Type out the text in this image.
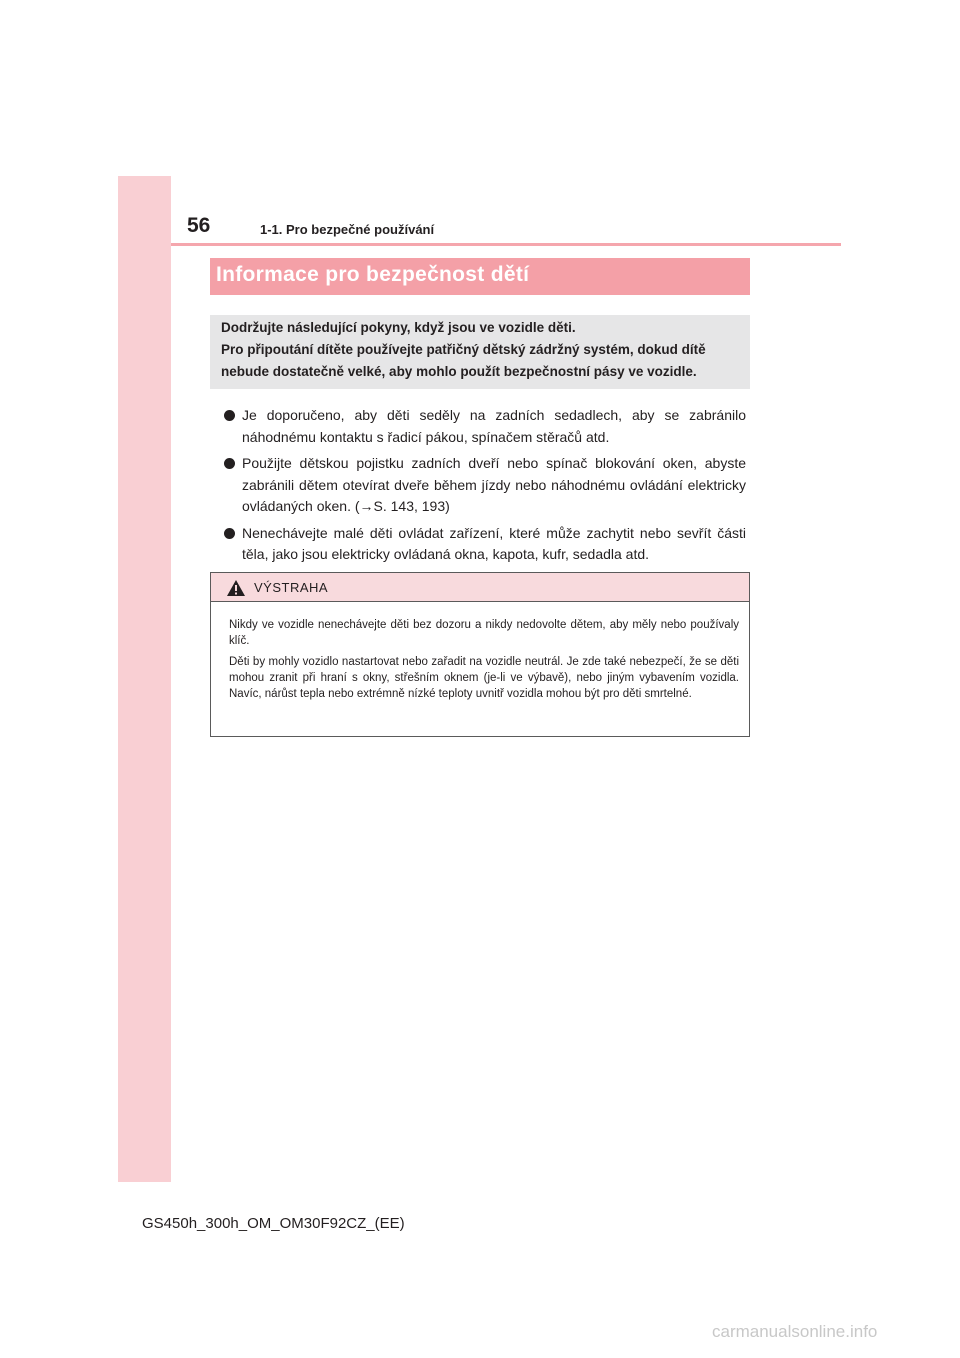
56	1-1. Pro bezpečné používání
Informace pro bezpečnost dětí
Dodržujte následující pokyny, když jsou ve vozidle děti.
Pro připoutání dítěte používejte patřičný dětský zádržný systém, dokud dítě
nebude dostatečně velké, aby mohlo použít bezpečnostní pásy ve vozidle.
Je doporučeno, aby děti seděly na zadních sedadlech, aby se zabránilo náhodnému kontaktu s řadicí pákou, spínačem stěračů atd.
Použijte dětskou pojistku zadních dveří nebo spínač blokování oken, abyste zabránili dětem otevírat dveře během jízdy nebo náhodnému ovládání elektricky ovládaných oken. (→S. 143, 193)
Nenechávejte malé děti ovládat zařízení, které může zachytit nebo sevřít části těla, jako jsou elektricky ovládaná okna, kapota, kufr, sedadla atd.
VÝSTRAHA

Nikdy ve vozidle nenechávejte děti bez dozoru a nikdy nedovolte dětem, aby měly nebo používaly klíč.

Děti by mohly vozidlo nastartovat nebo zařadit na vozidle neutrál. Je zde také nebezpečí, že se děti mohou zranit při hraní s okny, střešním oknem (je-li ve výbavě), nebo jiným vybavením vozidla. Navíc, nárůst tepla nebo extrémně nízké teploty uvnitř vozidla mohou být pro děti smrtelné.

GS450h_300h_OM_OM30F92CZ_(EE)
carmanualsonline.info
